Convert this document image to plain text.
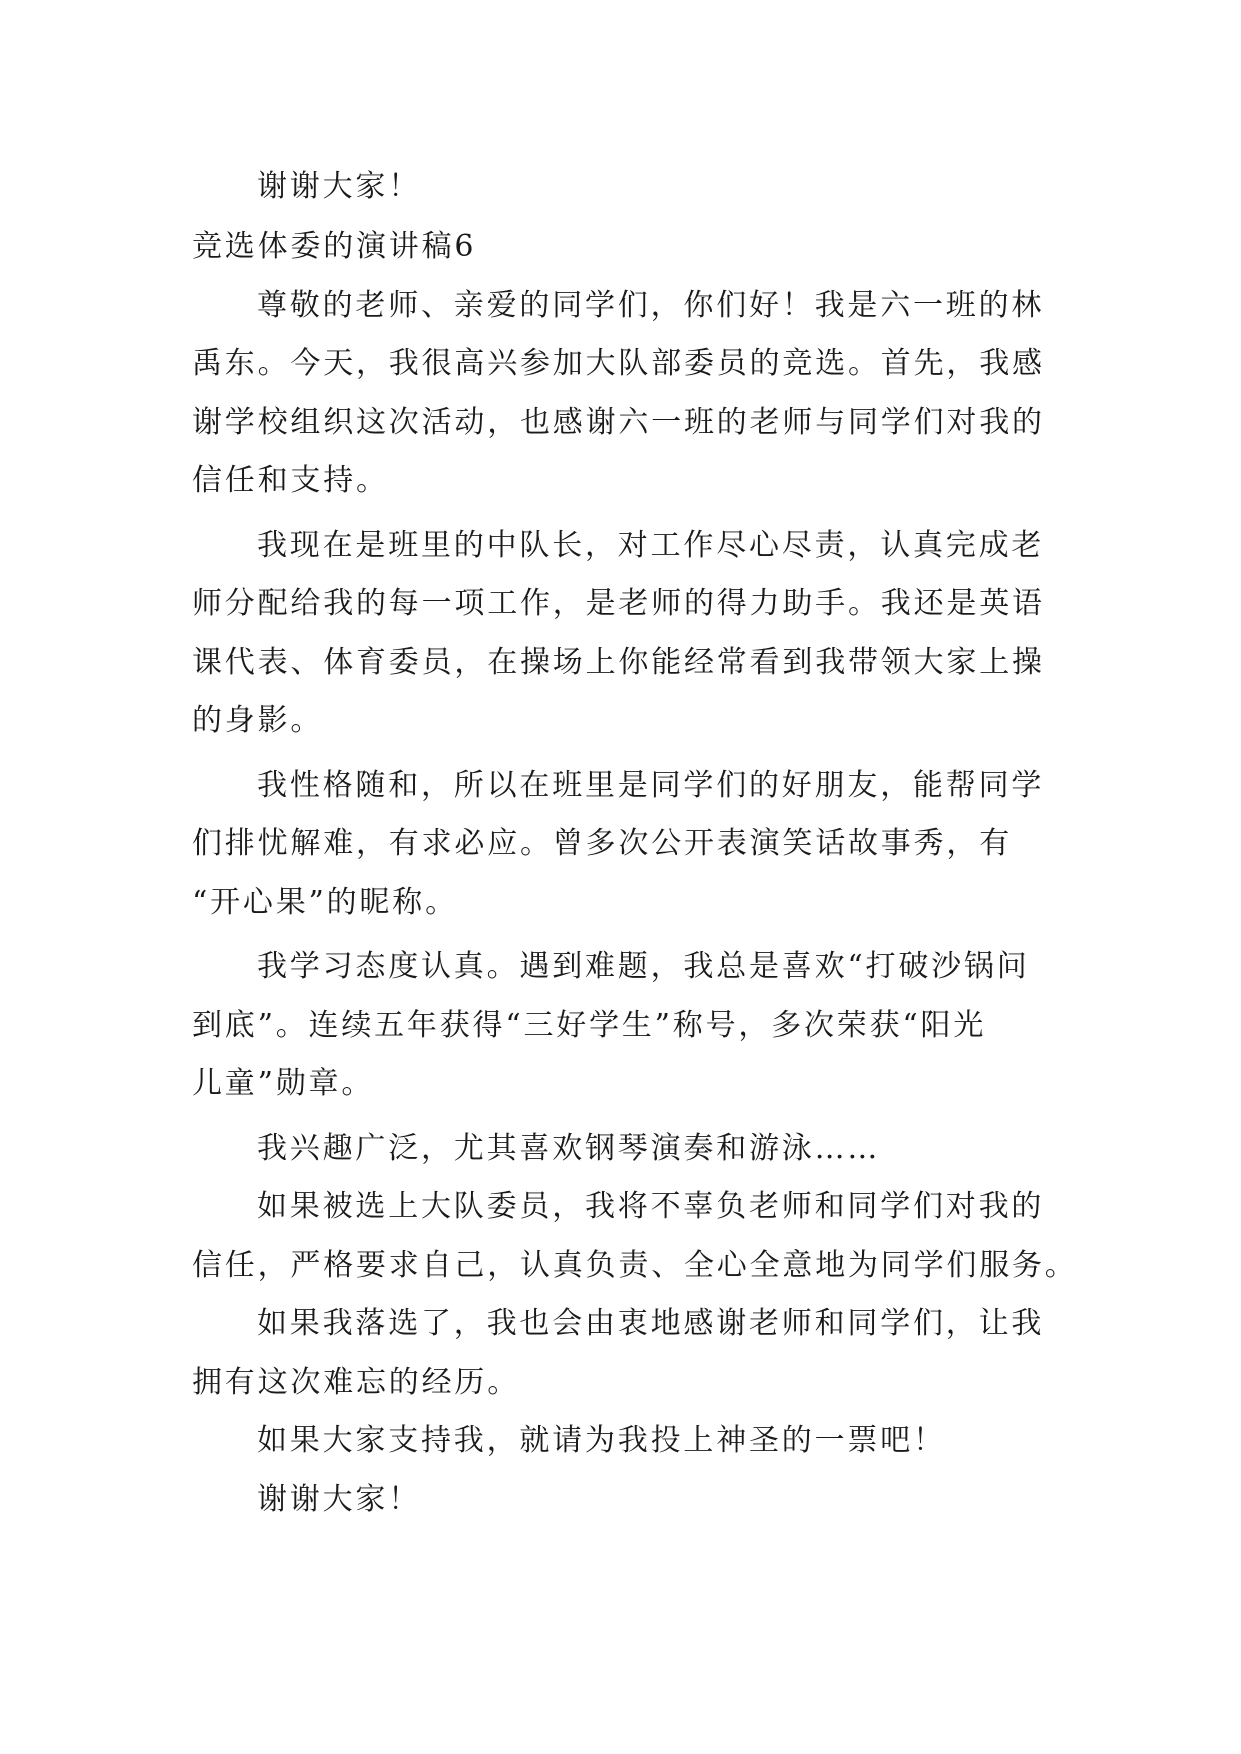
谢谢大家！
竞选体委的演讲稿6
尊敬的老师、亲爱的同学们，你们好！我是六一班的林
禹东。今天，我很高兴参加大队部委员的竞选。首先，我感
谢学校组织这次活动，也感谢六一班的老师与同学们对我的
信任和支持。
我现在是班里的中队长，对工作尽心尽责，认真完成老
师分配给我的每一项工作，是老师的得力助手。我还是英语
课代表、体育委员，在操场上你能经常看到我带领大家上操
的身影。
我性格随和，所以在班里是同学们的好朋友，能帮同学
们排忧解难，有求必应。曾多次公开表演笑话故事秀，有
“开心果”的昵称。
我学习态度认真。遇到难题，我总是喜欢“打破沙锅问
到底”。连续五年获得“三好学生”称号，多次荣获“阳光
儿童”勋章。
我兴趣广泛，尤其喜欢钢琴演奏和游泳……
如果被选上大队委员，我将不辜负老师和同学们对我的
信任，严格要求自己，认真负责、全心全意地为同学们服务。
如果我落选了，我也会由衷地感谢老师和同学们，让我
拥有这次难忘的经历。
如果大家支持我，就请为我投上神圣的一票吧！
谢谢大家！
